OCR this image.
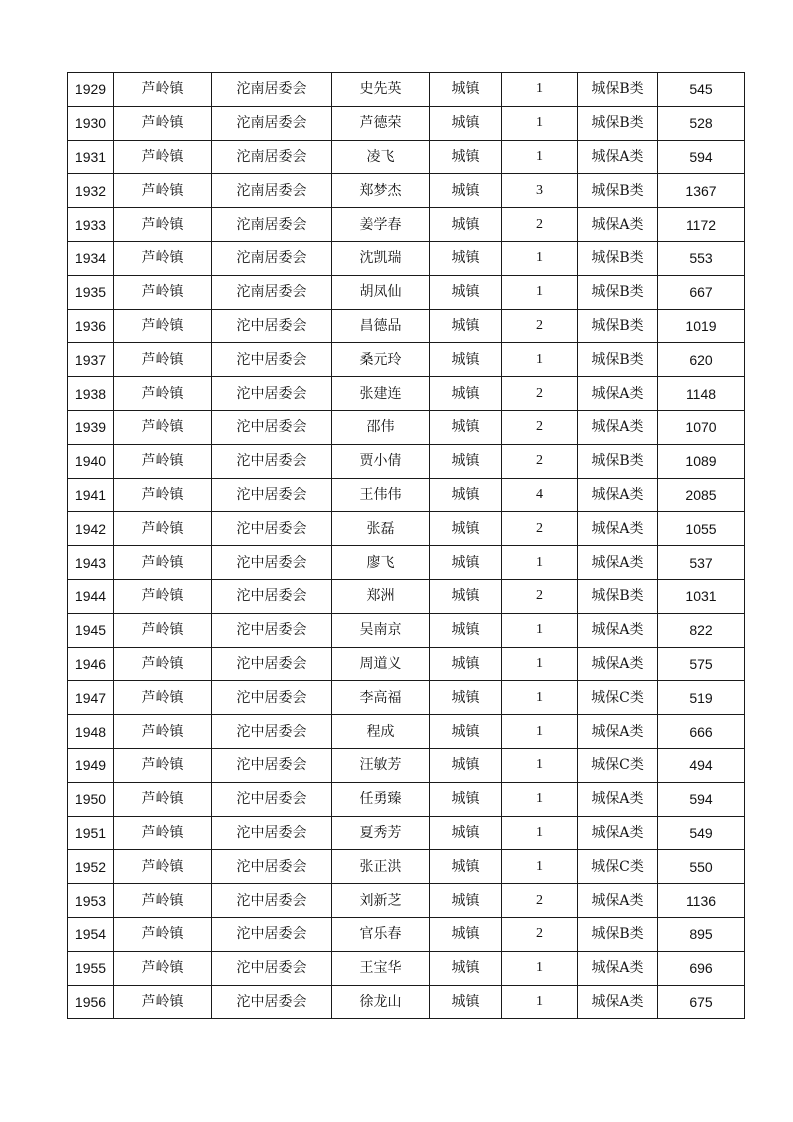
1929	芦岭镇	沱南居委会	史先英	城镇	1	城保B类	545
1930	芦岭镇	沱南居委会	芦德荣	城镇	1	城保B类	528
1931	芦岭镇	沱南居委会	凌飞	城镇	1	城保A类	594
1932	芦岭镇	沱南居委会	郑梦杰	城镇	3	城保B类	1367
1933	芦岭镇	沱南居委会	姜学春	城镇	2	城保A类	1172
1934	芦岭镇	沱南居委会	沈凯瑞	城镇	1	城保B类	553
1935	芦岭镇	沱南居委会	胡凤仙	城镇	1	城保B类	667
1936	芦岭镇	沱中居委会	昌德品	城镇	2	城保B类	1019
1937	芦岭镇	沱中居委会	桑元玲	城镇	1	城保B类	620
1938	芦岭镇	沱中居委会	张建连	城镇	2	城保A类	1148
1939	芦岭镇	沱中居委会	邵伟	城镇	2	城保A类	1070
1940	芦岭镇	沱中居委会	贾小倩	城镇	2	城保B类	1089
1941	芦岭镇	沱中居委会	王伟伟	城镇	4	城保A类	2085
1942	芦岭镇	沱中居委会	张磊	城镇	2	城保A类	1055
1943	芦岭镇	沱中居委会	廖飞	城镇	1	城保A类	537
1944	芦岭镇	沱中居委会	郑洲	城镇	2	城保B类	1031
1945	芦岭镇	沱中居委会	吴南京	城镇	1	城保A类	822
1946	芦岭镇	沱中居委会	周道义	城镇	1	城保A类	575
1947	芦岭镇	沱中居委会	李高福	城镇	1	城保C类	519
1948	芦岭镇	沱中居委会	程成	城镇	1	城保A类	666
1949	芦岭镇	沱中居委会	汪敏芳	城镇	1	城保C类	494
1950	芦岭镇	沱中居委会	任勇臻	城镇	1	城保A类	594
1951	芦岭镇	沱中居委会	夏秀芳	城镇	1	城保A类	549
1952	芦岭镇	沱中居委会	张正洪	城镇	1	城保C类	550
1953	芦岭镇	沱中居委会	刘新芝	城镇	2	城保A类	1136
1954	芦岭镇	沱中居委会	官乐春	城镇	2	城保B类	895
1955	芦岭镇	沱中居委会	王宝华	城镇	1	城保A类	696
1956	芦岭镇	沱中居委会	徐龙山	城镇	1	城保A类	675
